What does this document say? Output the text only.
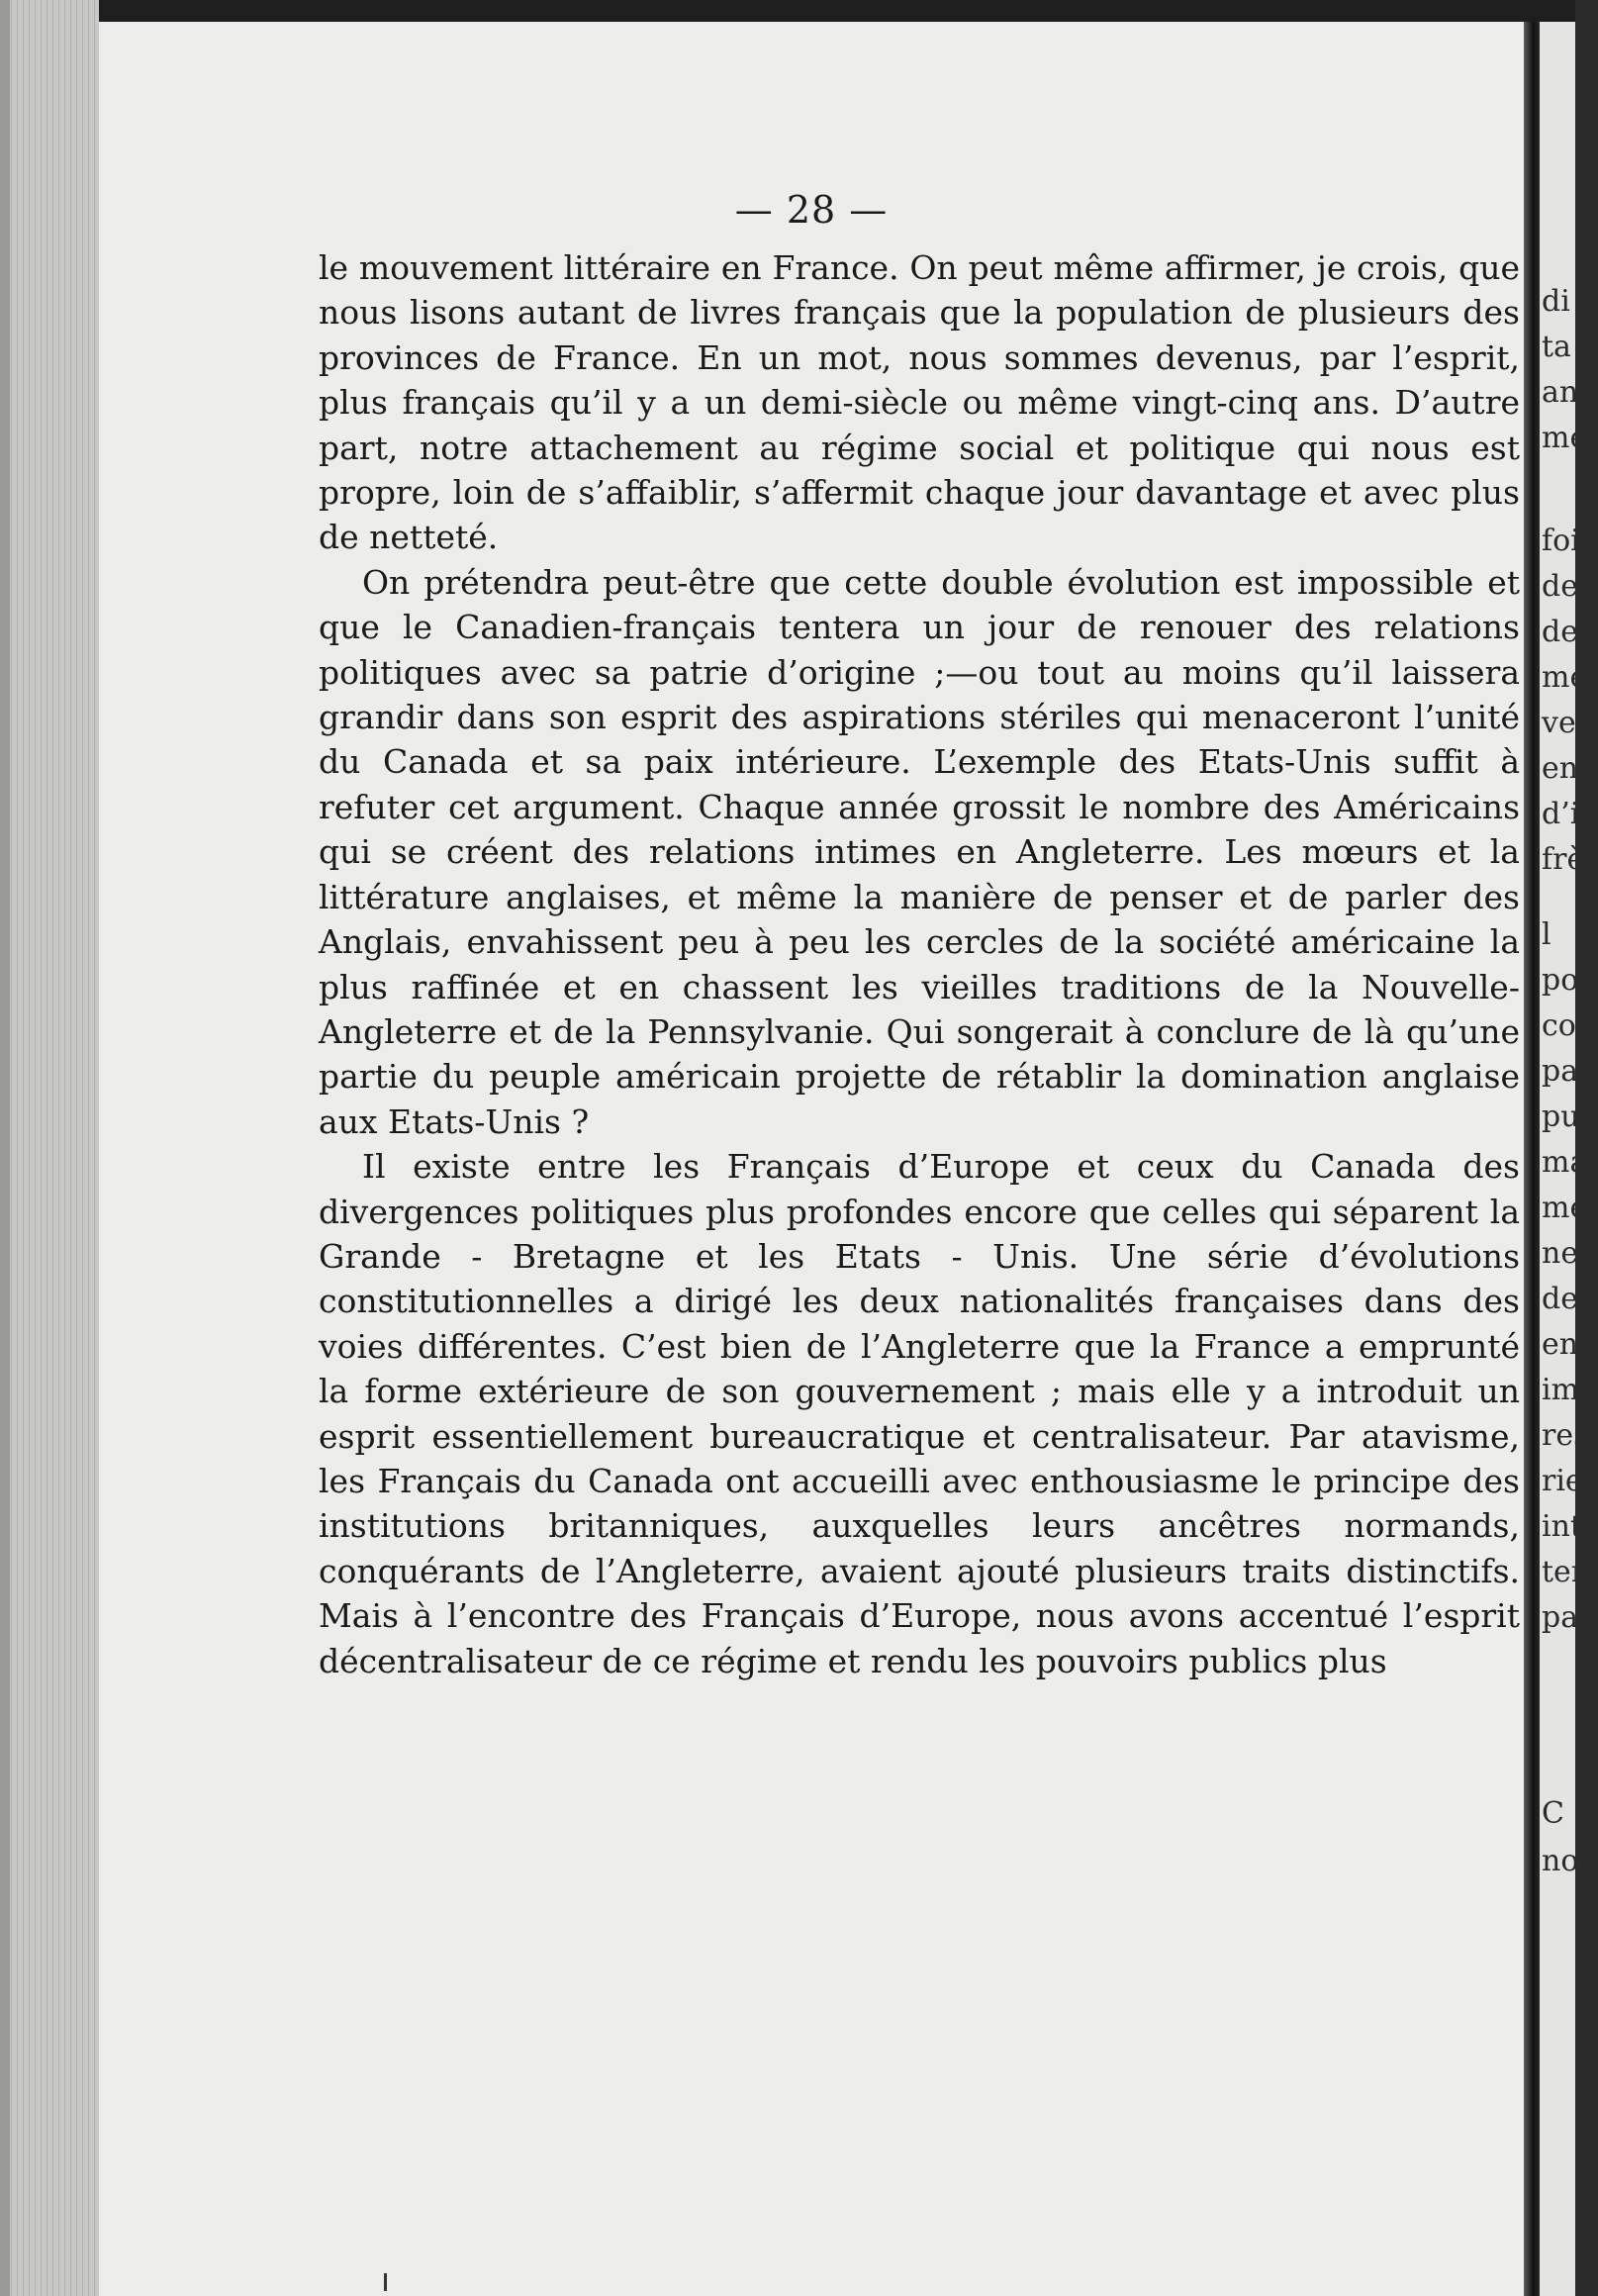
— 28 —

le mouvement littéraire en France. On peut même affirmer, je crois, que nous lisons autant de livres français que la population de plusieurs des provinces de France. En un mot, nous sommes devenus, par l’esprit, plus français qu’il y a un demi-siècle ou même vingt-cinq ans. D’autre part, notre attachement au régime social et politique qui nous est propre, loin de s’affaiblir, s’affermit chaque jour davantage et avec plus de netteté.

On prétendra peut-être que cette double évolution est impossible et que le Canadien-français tentera un jour de renouer des relations politiques avec sa patrie d’origine ;—ou tout au moins qu’il laissera grandir dans son esprit des aspirations stériles qui menaceront l’unité du Canada et sa paix intérieure. L’exemple des Etats-Unis suffit à refuter cet argument. Chaque année grossit le nombre des Américains qui se créent des relations intimes en Angleterre. Les mœurs et la littérature anglaises, et même la manière de penser et de parler des Anglais, envahissent peu à peu les cercles de la société américaine la plus raffinée et en chassent les vieilles traditions de la Nouvelle-Angleterre et de la Pennsylvanie. Qui songerait à conclure de là qu’une partie du peuple américain projette de rétablir la domination anglaise aux Etats-Unis ?

Il existe entre les Français d’Europe et ceux du Canada des divergences politiques plus profondes encore que celles qui séparent la Grande - Bretagne et les Etats - Unis. Une série d’évolutions constitutionnelles a dirigé les deux nationalités françaises dans des voies différentes. C’est bien de l’Angleterre que la France a emprunté la forme extérieure de son gouvernement ; mais elle y a introduit un esprit essentiellement bureaucratique et centralisateur. Par atavisme, les Français du Canada ont accueilli avec enthousiasme le principe des institutions britanniques, auxquelles leurs ancêtres normands, conquérants de l’Angleterre, avaient ajouté plusieurs traits distinctifs. Mais à l’encontre des Français d’Europe, nous avons accentué l’esprit décentralisateur de ce régime et rendu les pouvoirs publics plus

di
ta
an
me
foi
de
de
me
ve
en
d’i
frè
l
po
co
pa
pu
ma
me
ne
de
ent
im
res
rie
int
ter
pat
C
nou
